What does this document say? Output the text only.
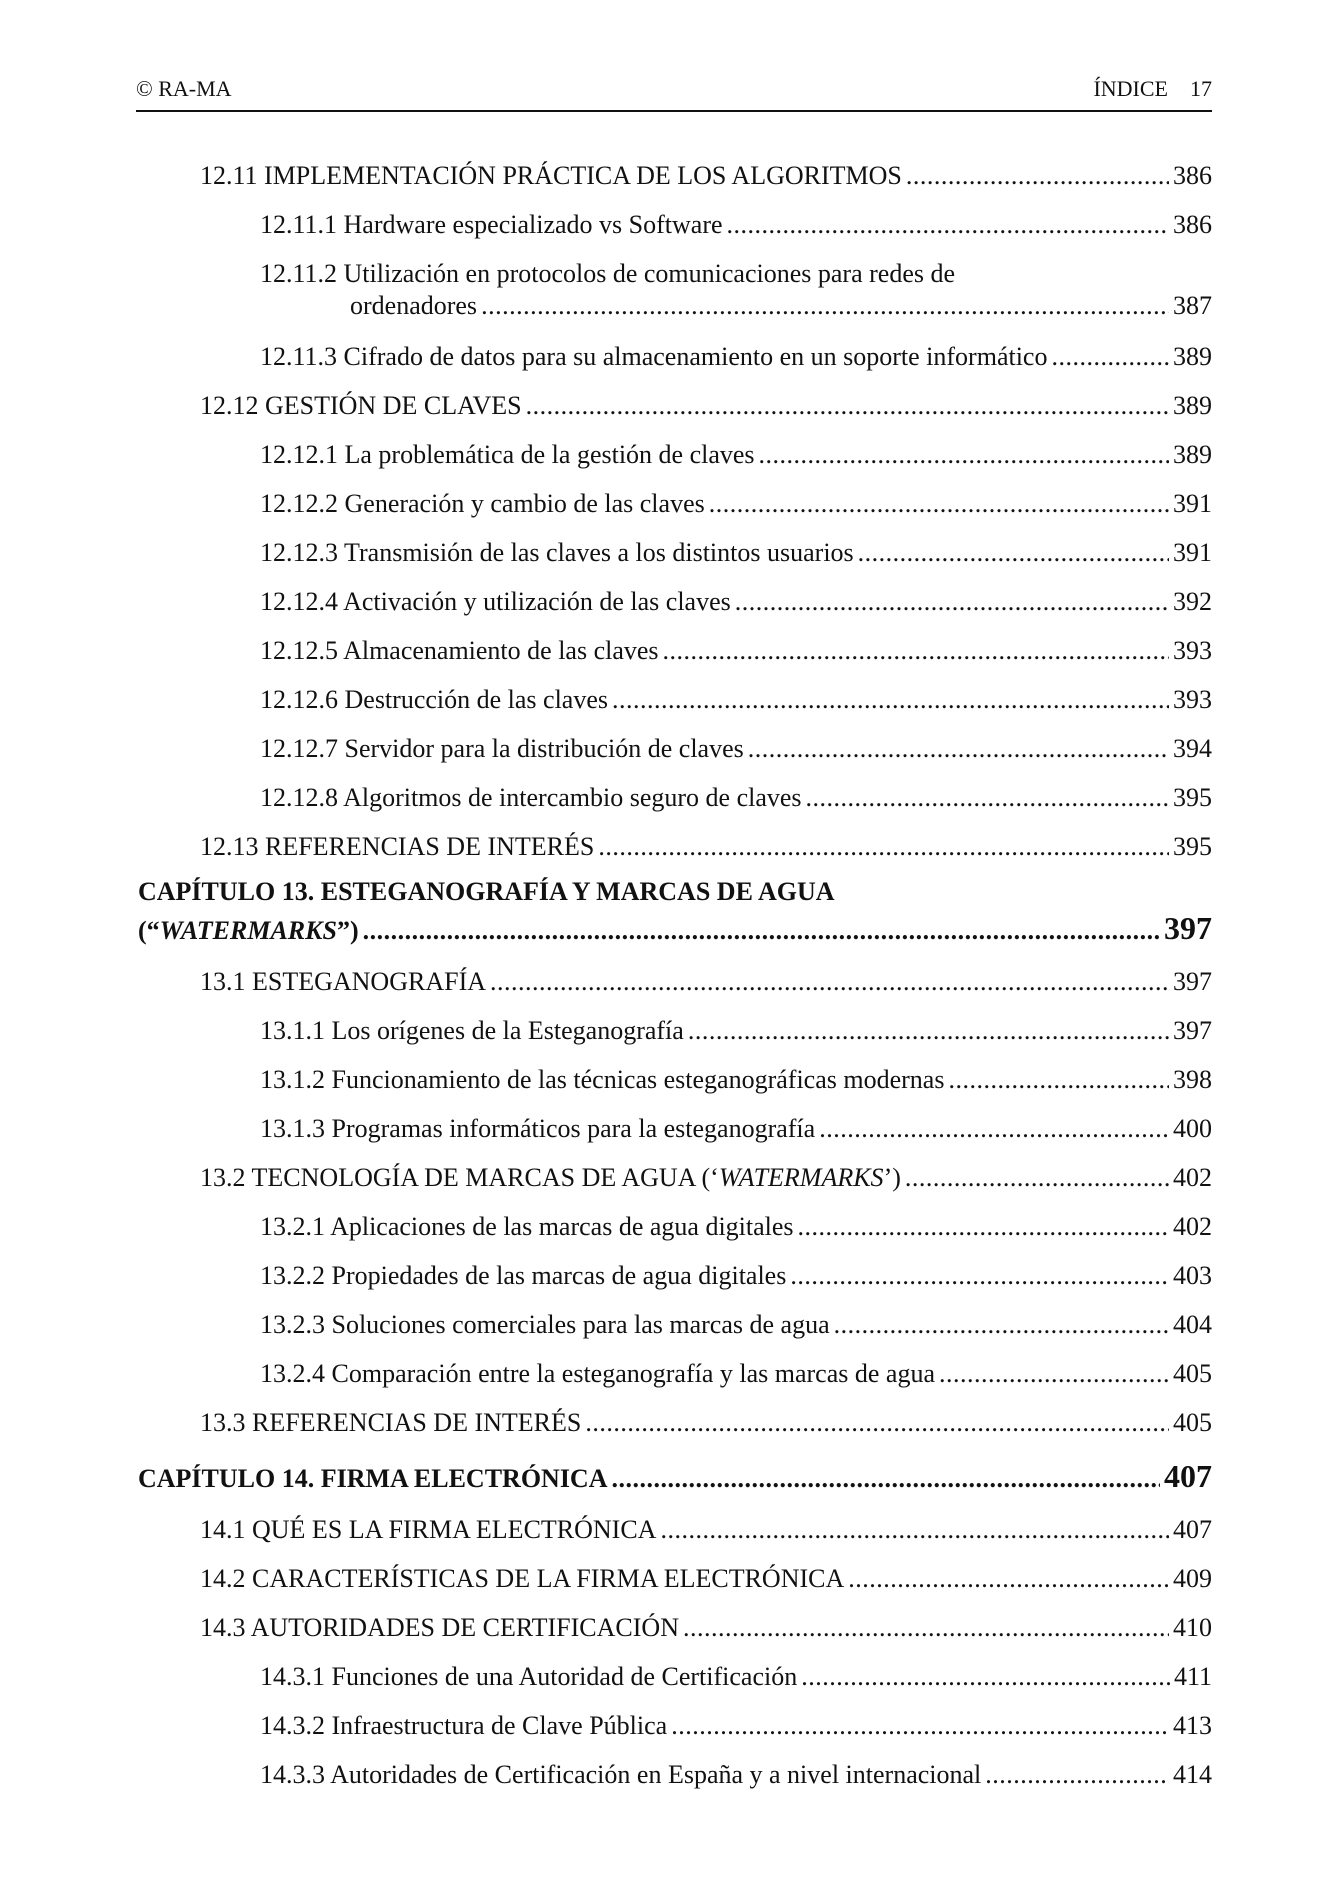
© RA-MA	ÍNDICE 17
12.11 IMPLEMENTACIÓN PRÁCTICA DE LOS ALGORITMOS . . .	386
12.11.1 Hardware especializado vs Software . . .	386
12.11.2 Utilización en protocolos de comunicaciones para redes de
ordenadores . . .	387
12.11.3 Cifrado de datos para su almacenamiento en un soporte informático . . .	389
12.12 GESTIÓN DE CLAVES . . .	389
12.12.1 La problemática de la gestión de claves . . .	389
12.12.2 Generación y cambio de las claves . . .	391
12.12.3 Transmisión de las claves a los distintos usuarios . . .	391
12.12.4 Activación y utilización de las claves . . .	392
12.12.5 Almacenamiento de las claves . . .	393
12.12.6 Destrucción de las claves . . .	393
12.12.7 Servidor para la distribución de claves . . .	394
12.12.8 Algoritmos de intercambio seguro de claves . . .	395
12.13 REFERENCIAS DE INTERÉS . . .	395
CAPÍTULO 13. ESTEGANOGRAFÍA Y MARCAS DE AGUA
(“WATERMARKS”) . . .	397
13.1 ESTEGANOGRAFÍA . . .	397
13.1.1 Los orígenes de la Esteganografía . . .	397
13.1.2 Funcionamiento de las técnicas esteganográficas modernas . . .	398
13.1.3 Programas informáticos para la esteganografía . . .	400
13.2 TECNOLOGÍA DE MARCAS DE AGUA (‘WATERMARKS’) . . .	402
13.2.1 Aplicaciones de las marcas de agua digitales . . .	402
13.2.2 Propiedades de las marcas de agua digitales . . .	403
13.2.3 Soluciones comerciales para las marcas de agua . . .	404
13.2.4 Comparación entre la esteganografía y las marcas de agua . . .	405
13.3 REFERENCIAS DE INTERÉS . . .	405
CAPÍTULO 14. FIRMA ELECTRÓNICA . . .	407
14.1 QUÉ ES LA FIRMA ELECTRÓNICA . . .	407
14.2 CARACTERÍSTICAS DE LA FIRMA ELECTRÓNICA . . .	409
14.3 AUTORIDADES DE CERTIFICACIÓN . . .	410
14.3.1 Funciones de una Autoridad de Certificación . . .	411
14.3.2 Infraestructura de Clave Pública . . .	413
14.3.3 Autoridades de Certificación en España y a nivel internacional . . .	414
